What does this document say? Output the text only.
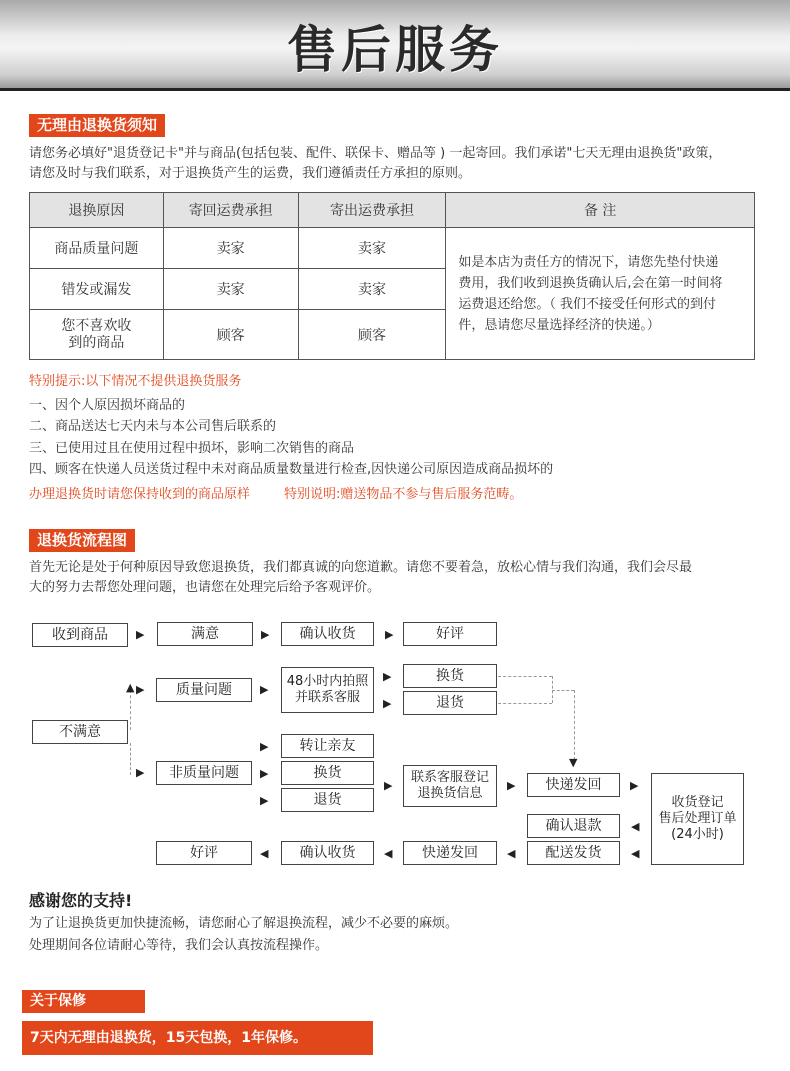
售后服务
无理由退换货须知
请您务必填好"退货登记卡"并与商品(包括包装、配件、联保卡、赠品等 ) 一起寄回。我们承诺"七天无理由退换货"政策，
请您及时与我们联系，对于退换货产生的运费，我们遵循责任方承担的原则。
退换原因	寄回运费承担	寄出运费承担	备 注
商品质量问题	卖家	卖家	如是本店为责任方的情况下，请您先垫付快递
费用，我们收到退换货确认后,会在第一时间将
运费退还给您。（ 我们不接受任何形式的到付
件，恳请您尽量选择经济的快递。）

错发或漏发	卖家	卖家	

您不喜欢收
到的商品	顾客	顾客	
特别提示:以下情况不提供退换货服务
一、因个人原因损坏商品的
二、商品送达七天内未与本公司售后联系的
三、已使用过且在使用过程中损坏，影响二次销售的商品
四、顾客在快递人员送货过程中未对商品质量数量进行检查,因快递公司原因造成商品损坏的
办理退换货时请您保持收到的商品原样	特别说明:赠送物品不参与售后服务范畴。
退换货流程图
首先无论是处于何种原因导致您退换货，我们都真诚的向您道歉。请您不要着急，放松心情与我们沟通，我们会尽最
大的努力去帮您处理问题，也请您在处理完后给予客观评价。
收到商品	▶	满意	▶	确认收货	▶	好评
▲ ▶
▶
不满意
质量问题	▶
48小时内拍照
并联系客服
▶
▶
换货
退货
▼
▶	转让亲友
非质量问题	▶	换货
▶	退货
▶
联系客服登记
退换货信息
▶	快递发回	▶
收货登记
售后处理订单
(24小时)
确认退款	◀
配送发货	◀
◀
快递发回
◀
确认收货
◀
好评
感谢您的支持!
为了让退换货更加快捷流畅，请您耐心了解退换流程，减少不必要的麻烦。
处理期间各位请耐心等待，我们会认真按流程操作。
关于保修
7天内无理由退换货，15天包换，1年保修。
